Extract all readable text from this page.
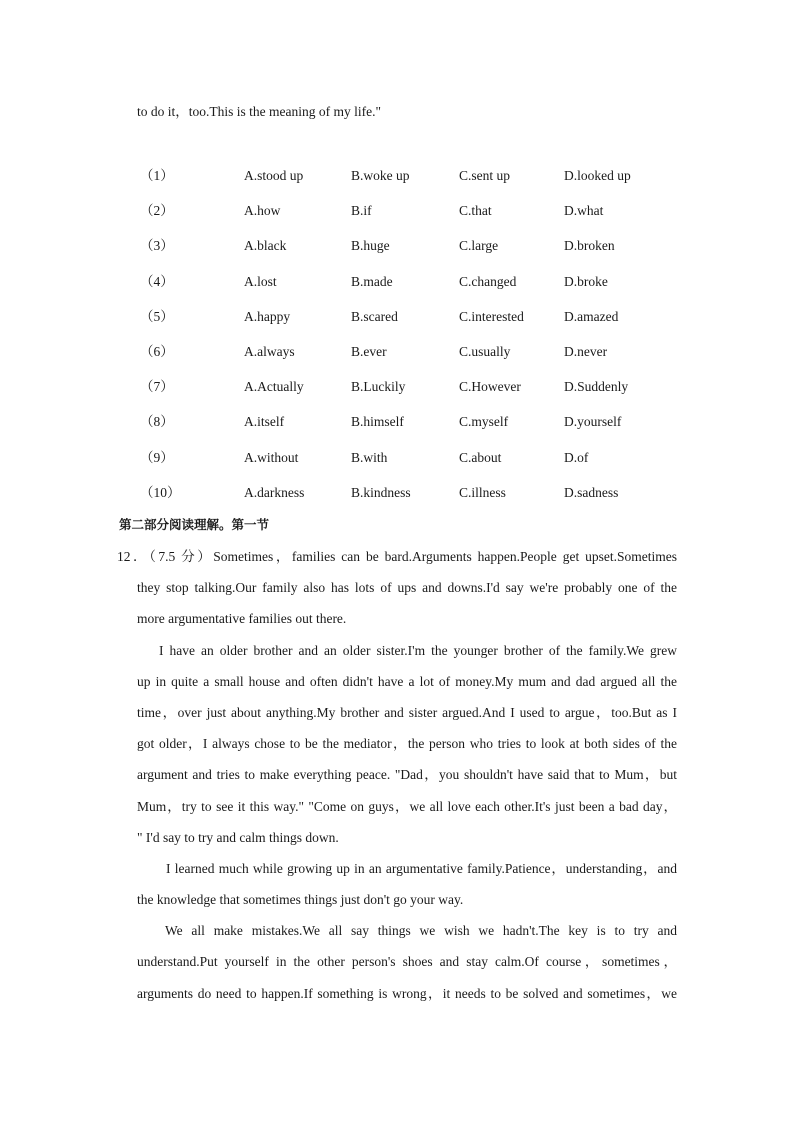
to do it，too.This is the meaning of my life."
（1）	A.stood up	B.woke up	C.sent up	D.looked up
（2）	A.how	B.if	C.that	D.what
（3）	A.black	B.huge	C.large	D.broken
（4）	A.lost	B.made	C.changed	D.broke
（5）	A.happy	B.scared	C.interested	D.amazed
（6）	A.always	B.ever	C.usually	D.never
（7）	A.Actually	B.Luckily	C.However	D.Suddenly
（8）	A.itself	B.himself	C.myself	D.yourself
（9）	A.without	B.with	C.about	D.of
（10）	A.darkness	B.kindness	C.illness	D.sadness
第二部分阅读理解。第一节
12．（7.5 分）Sometimes，families can be bard.Arguments happen.People get upset.Sometimes
they stop talking.Our family also has lots of ups and downs.I'd say we're probably one of the
more argumentative families out there.
I have an older brother and an older sister.I'm the younger brother of the family.We grew
up in quite a small house and often didn't have a lot of money.My mum and dad argued all the
time，over just about anything.My brother and sister argued.And I used to argue，too.But as I
got older，I always chose to be the mediator，the person who tries to look at both sides of the
argument and tries to make everything peace. "Dad，you shouldn't have said that to Mum，but
Mum，try to see it this way." "Come on guys，we all love each other.It's just been a bad day，
" I'd say to try and calm things down.
I learned much while growing up in an argumentative family.Patience，understanding，and
the knowledge that sometimes things just don't go your way.
We all make mistakes.We all say things we wish we hadn't.The key is to try and
understand.Put yourself in the other person's shoes and stay calm.Of course，sometimes，
arguments do need to happen.If something is wrong，it needs to be solved and sometimes，we
